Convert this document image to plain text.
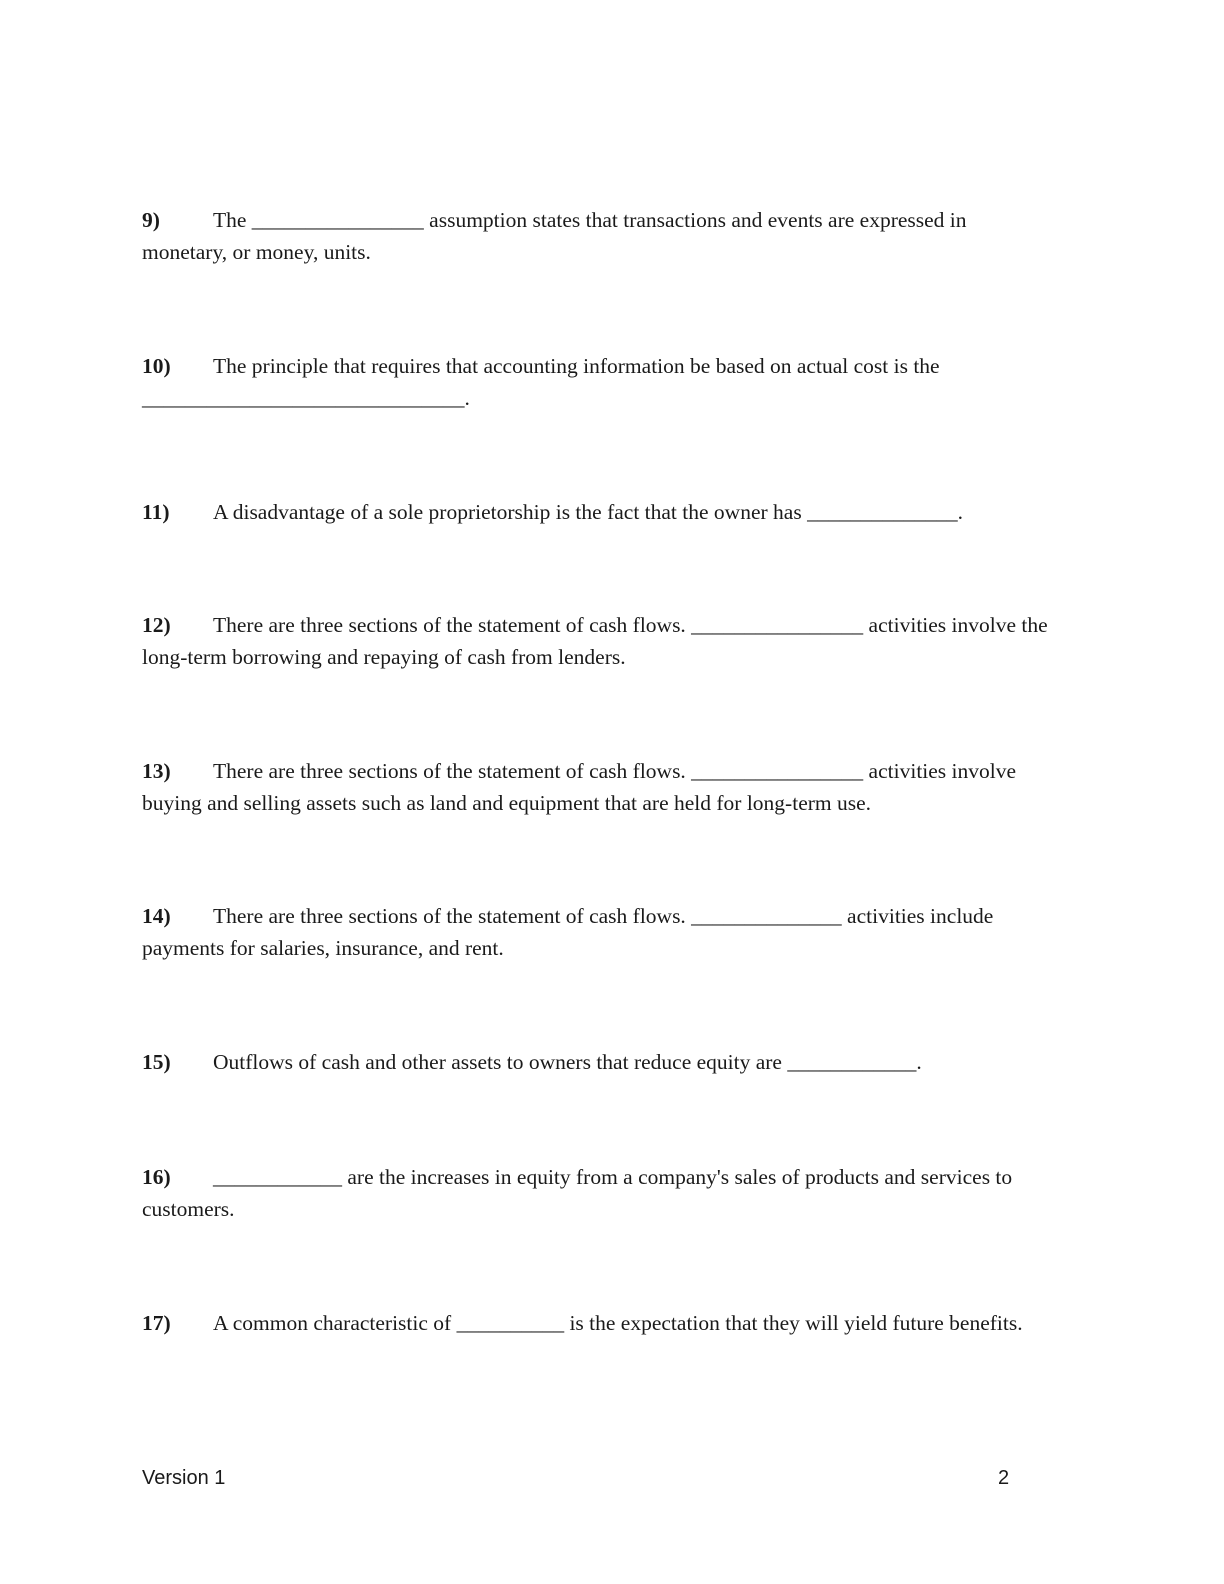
9) The ________________ assumption states that transactions and events are expressed in monetary, or money, units.
10) The principle that requires that accounting information be based on actual cost is the ______________________________.
11) A disadvantage of a sole proprietorship is the fact that the owner has ______________.
12) There are three sections of the statement of cash flows. ________________ activities involve the long-term borrowing and repaying of cash from lenders.
13) There are three sections of the statement of cash flows. ________________ activities involve buying and selling assets such as land and equipment that are held for long-term use.
14) There are three sections of the statement of cash flows. ______________ activities include payments for salaries, insurance, and rent.
15) Outflows of cash and other assets to owners that reduce equity are ____________.
16) ____________ are the increases in equity from a company's sales of products and services to customers.
17) A common characteristic of __________ is the expectation that they will yield future benefits.
Version 1	2
